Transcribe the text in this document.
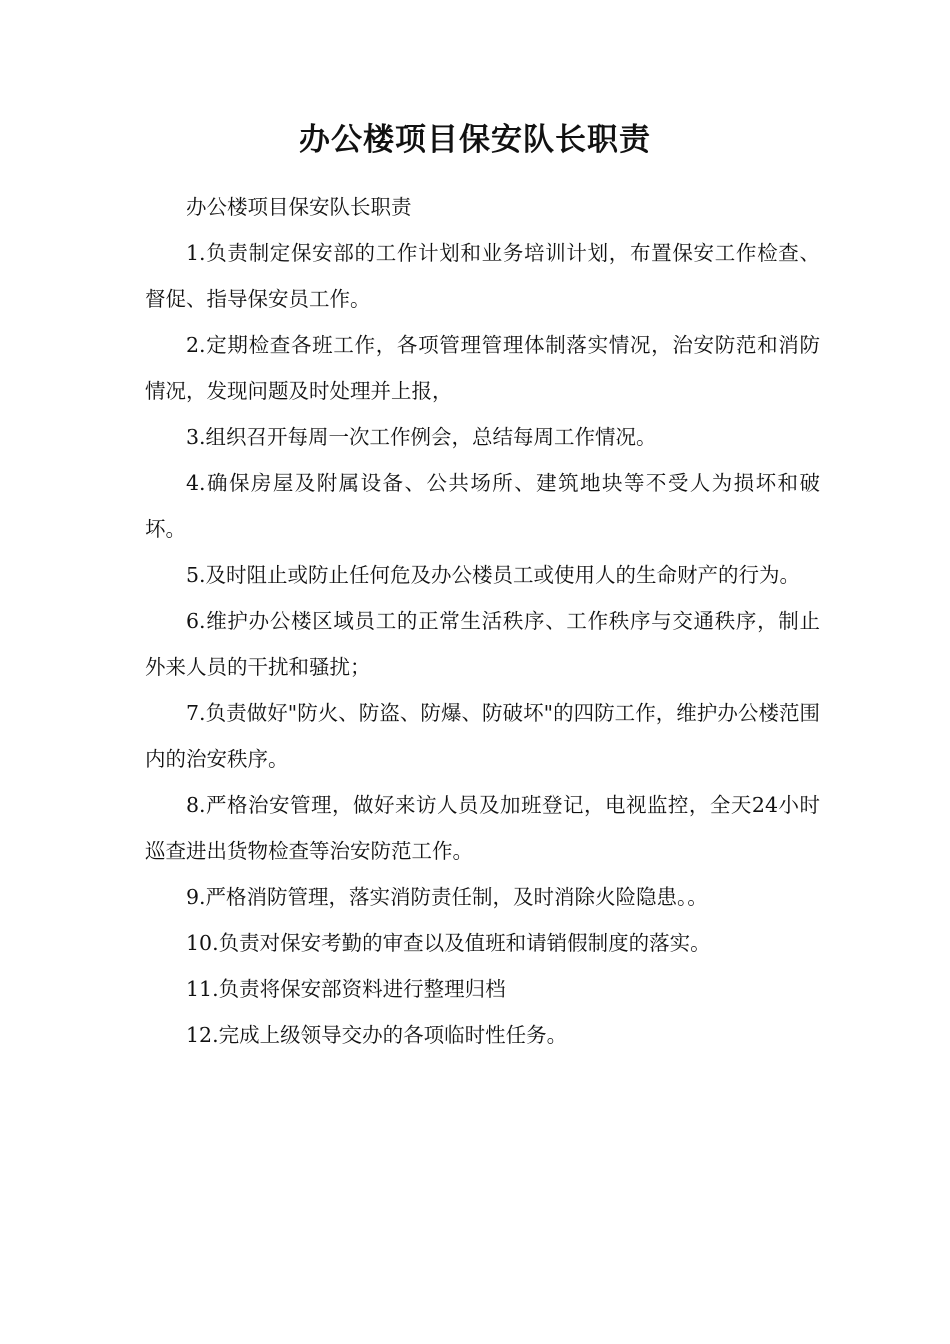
办公楼项目保安队长职责

办公楼项目保安队长职责

1.负责制定保安部的工作计划和业务培训计划，布置保安工作检查、督促、指导保安员工作。

2.定期检查各班工作，各项管理管理体制落实情况，治安防范和消防情况，发现问题及时处理并上报，

3.组织召开每周一次工作例会，总结每周工作情况。

4.确保房屋及附属设备、公共场所、建筑地块等不受人为损坏和破坏。

5.及时阻止或防止任何危及办公楼员工或使用人的生命财产的行为。

6.维护办公楼区域员工的正常生活秩序、工作秩序与交通秩序，制止外来人员的干扰和骚扰；

7.负责做好"防火、防盗、防爆、防破坏"的四防工作，维护办公楼范围内的治安秩序。

8.严格治安管理，做好来访人员及加班登记，电视监控，全天24小时巡查进出货物检查等治安防范工作。

9.严格消防管理，落实消防责任制，及时消除火险隐患。。

10.负责对保安考勤的审查以及值班和请销假制度的落实。

11.负责将保安部资料进行整理归档

12.完成上级领导交办的各项临时性任务。
